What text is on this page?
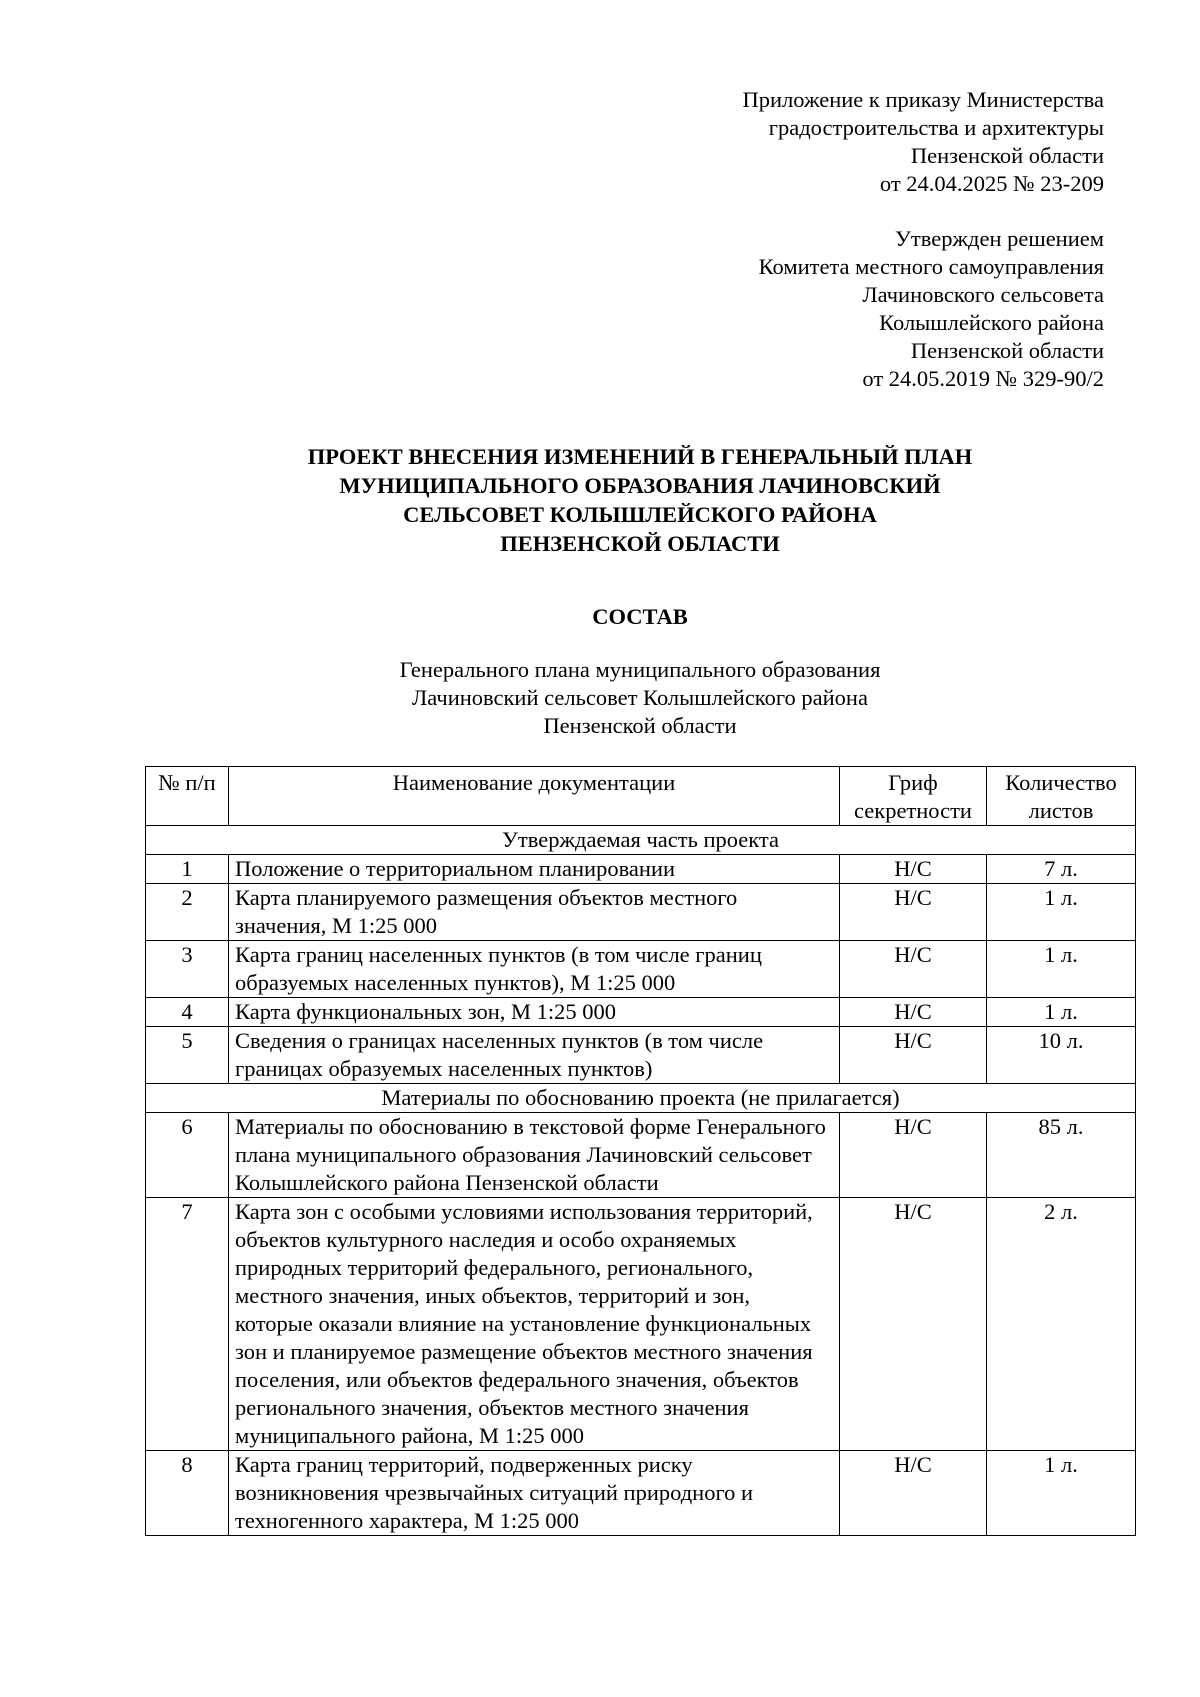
Приложение к приказу Министерства
градостроительства и архитектуры
Пензенской области
от 24.04.2025 № 23-209
Утвержден решением
Комитета местного самоуправления
Лачиновского сельсовета
Колышлейского района
Пензенской области
от 24.05.2019 № 329-90/2
ПРОЕКТ ВНЕСЕНИЯ ИЗМЕНЕНИЙ В ГЕНЕРАЛЬНЫЙ ПЛАН
МУНИЦИПАЛЬНОГО ОБРАЗОВАНИЯ ЛАЧИНОВСКИЙ
СЕЛЬСОВЕТ КОЛЫШЛЕЙСКОГО РАЙОНА
ПЕНЗЕНСКОЙ ОБЛАСТИ
СОСТАВ
Генерального плана муниципального образования
Лачиновский сельсовет Колышлейского района
Пензенской области
№ п/п	Наименование документации	Гриф секретности	Количество листов
Утверждаемая часть проекта			
1	Положение о территориальном планировании	Н/С	7 л.
2	Карта планируемого размещения объектов местного значения, М 1:25 000	Н/С	1 л.
3	Карта границ населенных пунктов (в том числе границ образуемых населенных пунктов), М 1:25 000	Н/С	1 л.
4	Карта функциональных зон, М 1:25 000	Н/С	1 л.
5	Сведения о границах населенных пунктов (в том числе границах образуемых населенных пунктов)	Н/С	10 л.
Материалы по обоснованию проекта (не прилагается)			
6	Материалы по обоснованию в текстовой форме Генерального плана муниципального образования Лачиновский сельсовет Колышлейского района Пензенской области	Н/С	85 л.
7	Карта зон с особыми условиями использования территорий, объектов культурного наследия и особо охраняемых природных территорий федерального, регионального, местного значения, иных объектов, территорий и зон, которые оказали влияние на установление функциональных зон и планируемое размещение объектов местного значения поселения, или объектов федерального значения, объектов регионального значения, объектов местного значения муниципального района, М 1:25 000	Н/С	2 л.
8	Карта границ территорий, подверженных риску возникновения чрезвычайных ситуаций природного и техногенного характера, М 1:25 000	Н/С	1 л.
